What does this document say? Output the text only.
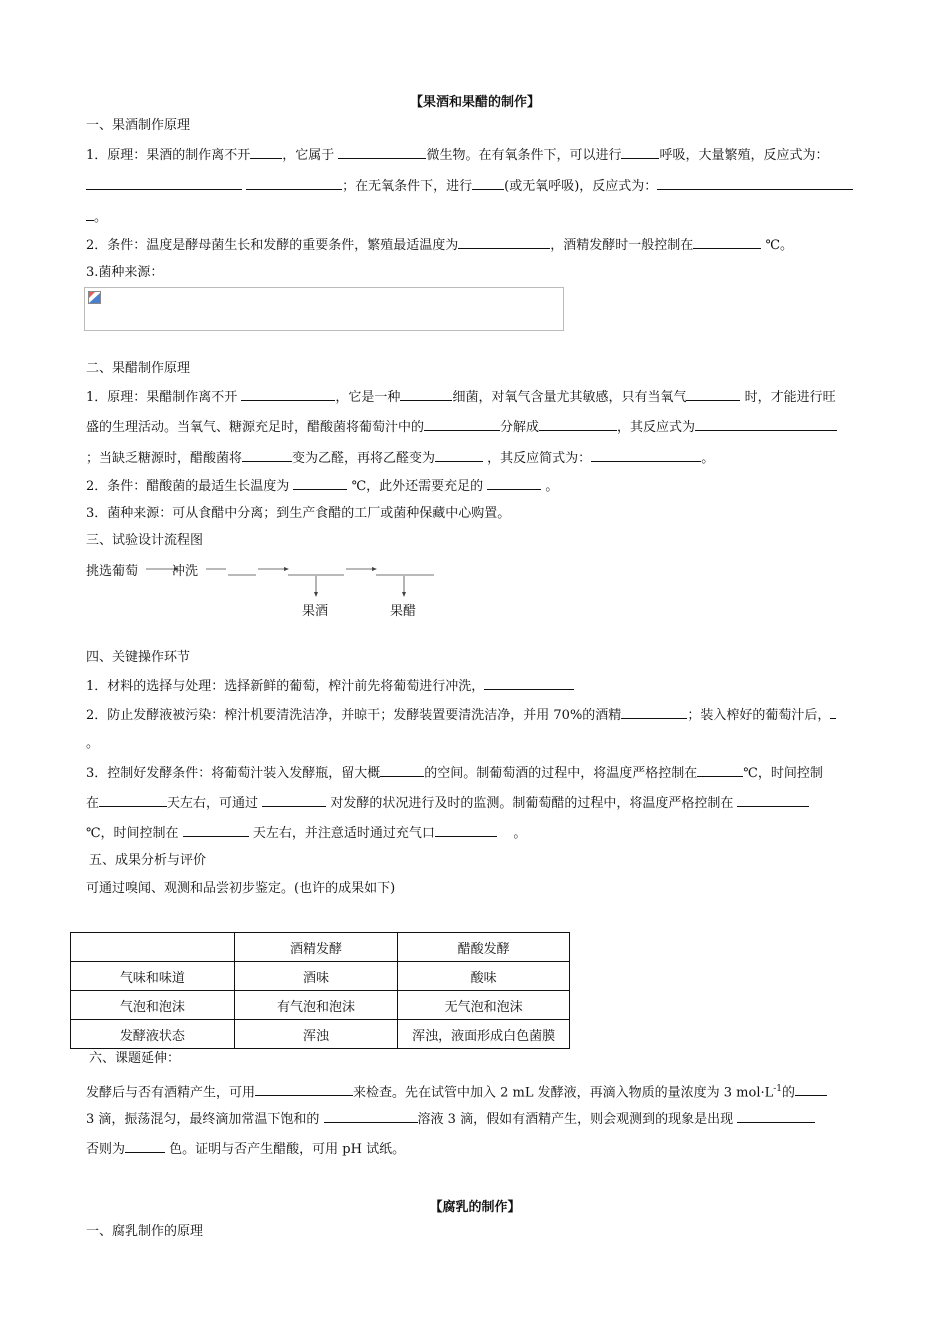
【果酒和果醋的制作】
一、果酒制作原理
1．原理：果酒的制作离不开 ，它属于	微生物。在有氧条件下，可以进行	呼吸，大量繁殖，反应式为：
；在无氧条件下，进行 (或无氧呼吸)，反应式为：
。
2．条件：温度是酵母菌生长和发酵的重要条件，繁殖最适温度为	，酒精发酵时一般控制在	℃。
3.菌种来源：
二、果醋制作原理
1．原理：果醋制作离不开	，它是一种	细菌，对氧气含量尤其敏感，只有当氧气	时，才能进行旺
盛的生理活动。当氧气、糖源充足时，醋酸菌将葡萄汁中的	分解成	，其反应式为
；当缺乏糖源时，醋酸菌将	变为乙醛，再将乙醛变为	，其反应简式为：	。
2．条件：醋酸菌的最适生长温度为	℃，此外还需要充足的	。
3．菌种来源：可从食醋中分离；到生产食醋的工厂或菌种保藏中心购置。
三、试验设计流程图
挑选葡萄	冲洗
果酒	果醋
四、关键操作环节
1．材料的选择与处理：选择新鲜的葡萄，榨汁前先将葡萄进行冲洗，
2．防止发酵液被污染：榨汁机要清洗洁净，并晾干；发酵装置要清洗洁净，并用 70%的酒精	；装入榨好的葡萄汁后，
。
3．控制好发酵条件：将葡萄汁装入发酵瓶，留大概	的空间。制葡萄酒的过程中，将温度严格控制在	℃，时间控制
在	天左右，可通过	对发酵的状况进行及时的监测。制葡萄醋的过程中，将温度严格控制在
℃，时间控制在	天左右，并注意适时通过充气口	。
五、成果分析与评价
可通过嗅闻、观测和品尝初步鉴定。(也许的成果如下)
	酒精发酵	醋酸发酵
气味和味道	酒味	酸味
气泡和泡沫	有气泡和泡沫	无气泡和泡沫
发酵液状态	浑浊	浑浊，液面形成白色菌膜
六、课题延伸：
发酵后与否有酒精产生，可用	来检查。先在试管中加入 2 mL 发酵液，再滴入物质的量浓度为 3 $mol\cdot L^{-1}$的
3 滴，振荡混匀，最终滴加常温下饱和的	溶液 3 滴，假如有酒精产生，则会观测到的现象是出现
否则为	色。证明与否产生醋酸，可用 pH 试纸。
【腐乳的制作】
一、腐乳制作的原理
